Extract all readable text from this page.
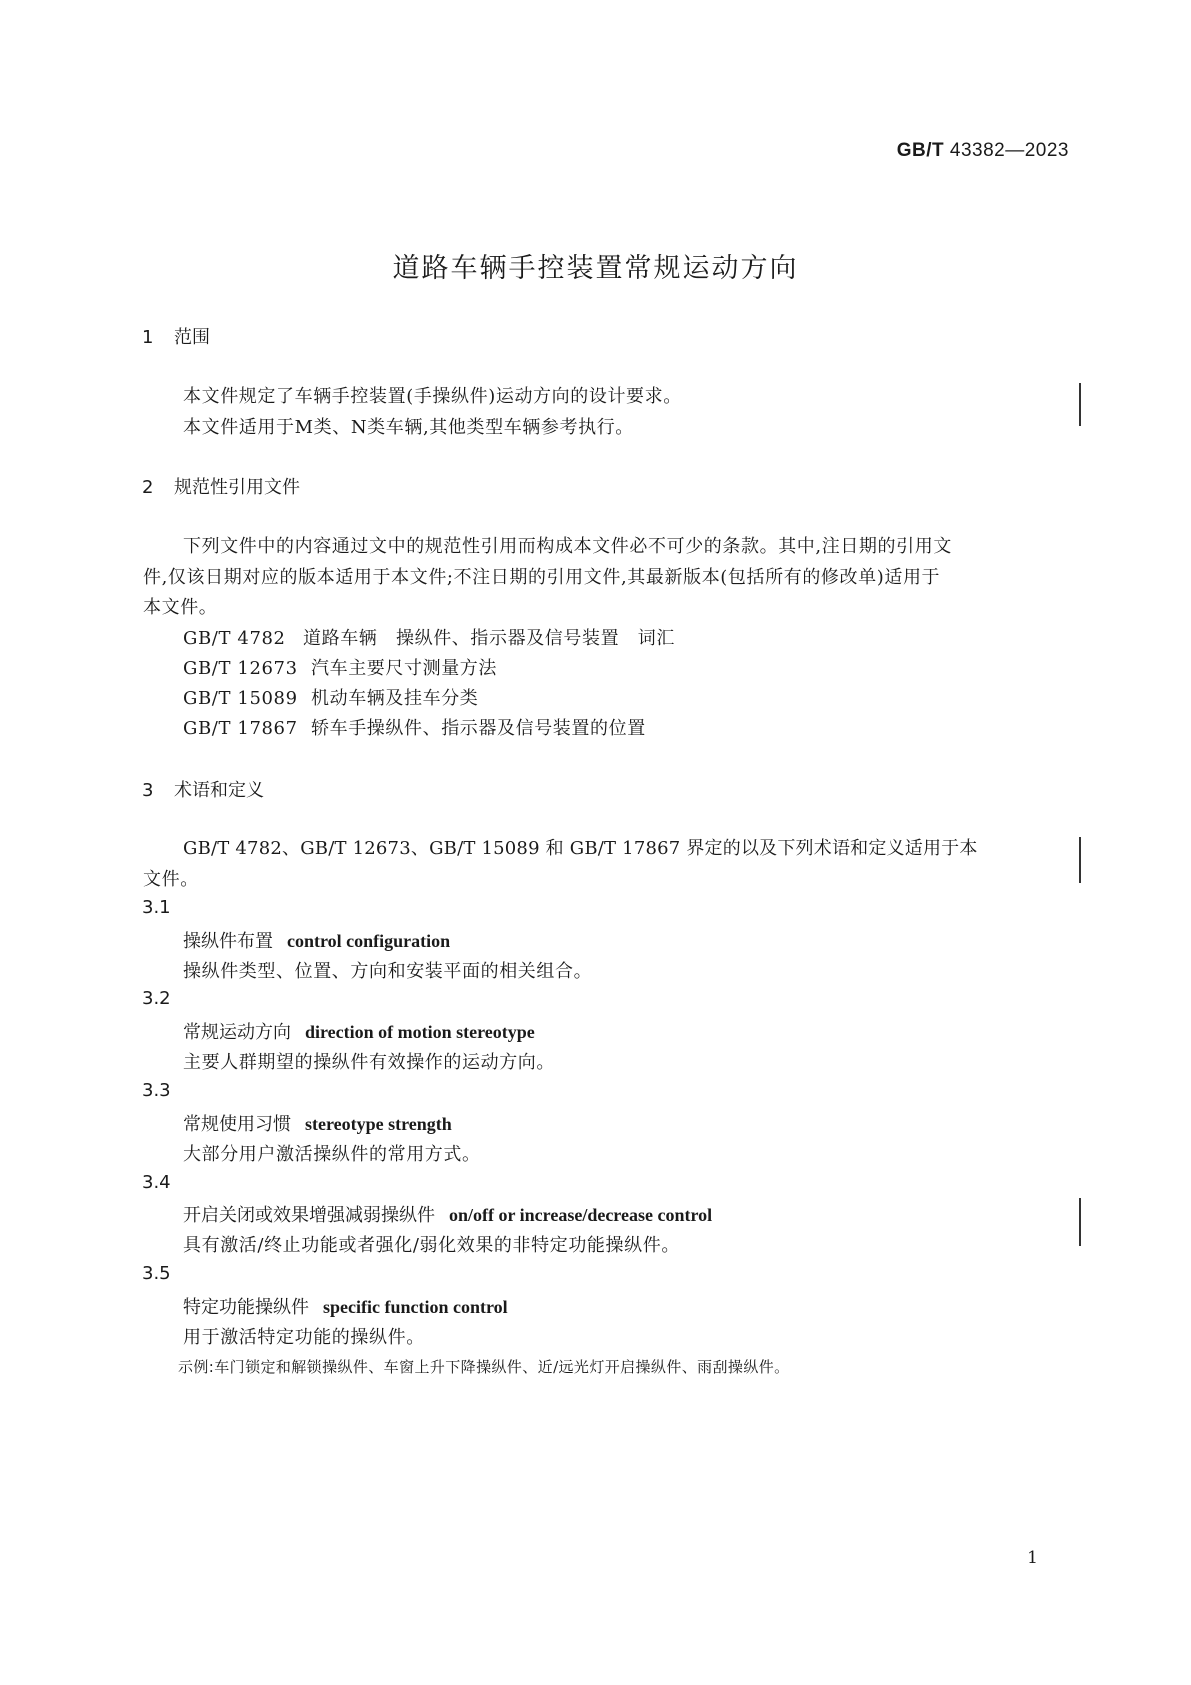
GB/T 43382—2023
道路车辆手控装置常规运动方向
1 范围
本文件规定了车辆手控装置(手操纵件)运动方向的设计要求。
本文件适用于M类、N类车辆,其他类型车辆参考执行。
2 规范性引用文件
下列文件中的内容通过文中的规范性引用而构成本文件必不可少的条款。其中,注日期的引用文
件,仅该日期对应的版本适用于本文件;不注日期的引用文件,其最新版本(包括所有的修改单)适用于
本文件。
GB/T 4782 道路车辆　操纵件、指示器及信号装置　词汇
GB/T 12673 汽车主要尺寸测量方法
GB/T 15089 机动车辆及挂车分类
GB/T 17867 轿车手操纵件、指示器及信号装置的位置
3 术语和定义
GB/T 4782、GB/T 12673、GB/T 15089 和 GB/T 17867 界定的以及下列术语和定义适用于本
文件。
3.1
操纵件布置 control configuration
操纵件类型、位置、方向和安装平面的相关组合。
3.2
常规运动方向 direction of motion stereotype
主要人群期望的操纵件有效操作的运动方向。
3.3
常规使用习惯 stereotype strength
大部分用户激活操纵件的常用方式。
3.4
开启关闭或效果增强减弱操纵件 on/off or increase/decrease control
具有激活/终止功能或者强化/弱化效果的非特定功能操纵件。
3.5
特定功能操纵件 specific function control
用于激活特定功能的操纵件。
示例:车门锁定和解锁操纵件、车窗上升下降操纵件、近/远光灯开启操纵件、雨刮操纵件。
1
